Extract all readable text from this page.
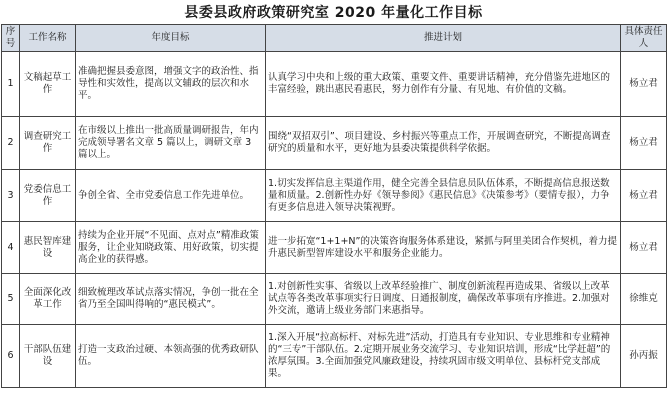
县委县政府政策研究室 2020 年量化工作目标
序号	工作名称	年度目标	推进计划	具体责任人
1	文稿起草工作	准确把握县委意图，增强文字的政治性、指导性和实效性，提高以文辅政的层次和水平。	认真学习中央和上级的重大政策、重要文件、重要讲话精神，充分借鉴先进地区的丰富经验，跳出惠民看惠民，努力创作有分量、有见地、有价值的文稿。	杨立君
2	调查研究工作	在市级以上推出一批高质量调研报告，年内完成领导署名文章 5 篇以上，调研文章 3 篇以上。	围绕“双招双引”、项目建设、乡村振兴等重点工作，开展调查研究，不断提高调查研究的质量和水平，更好地为县委决策提供科学依据。	杨立君
3	党委信息工作	争创全省、全市党委信息工作先进单位。	1.切实发挥信息主渠道作用，健全完善全县信息员队伍体系，不断提高信息报送数量和质量。2.创新性办好《领导参阅》《惠民信息》《决策参考》（要情专报），力争有更多信息进入领导决策视野。	杨立君
4	惠民智库建设	持续为企业开展“不见面、点对点”精准政策服务，让企业知晓政策、用好政策，切实提高企业的获得感。	进一步拓宽“1+1+N”的决策咨询服务体系建设，紧抓与阿里美团合作契机，着力提升惠民新型智库建设水平和服务企业能力。	杨立君
5	全面深化改革工作	细致梳理改革试点落实情况，争创一批在全省乃至全国叫得响的“惠民模式”。	1.对创新性实事、省级以上改革经验推广、制度创新流程再造成果、省级以上改革试点等各类改革事项实行日调度、日通报制度，确保改革事项有序推进。2.加强对外交流，邀请上级业务部门来惠指导。	徐维克
6	干部队伍建设	打造一支政治过硬、本领高强的优秀政研队伍。	1.深入开展“拉高标杆、对标先进”活动，打造具有专业知识、专业思维和专业精神的“三专”干部队伍。2.定期开展业务交流学习、专业知识培训，形成“比学赶超”的浓厚氛围。3.全面加强党风廉政建设，持续巩固市级文明单位、县标杆党支部成果。	孙丙振
